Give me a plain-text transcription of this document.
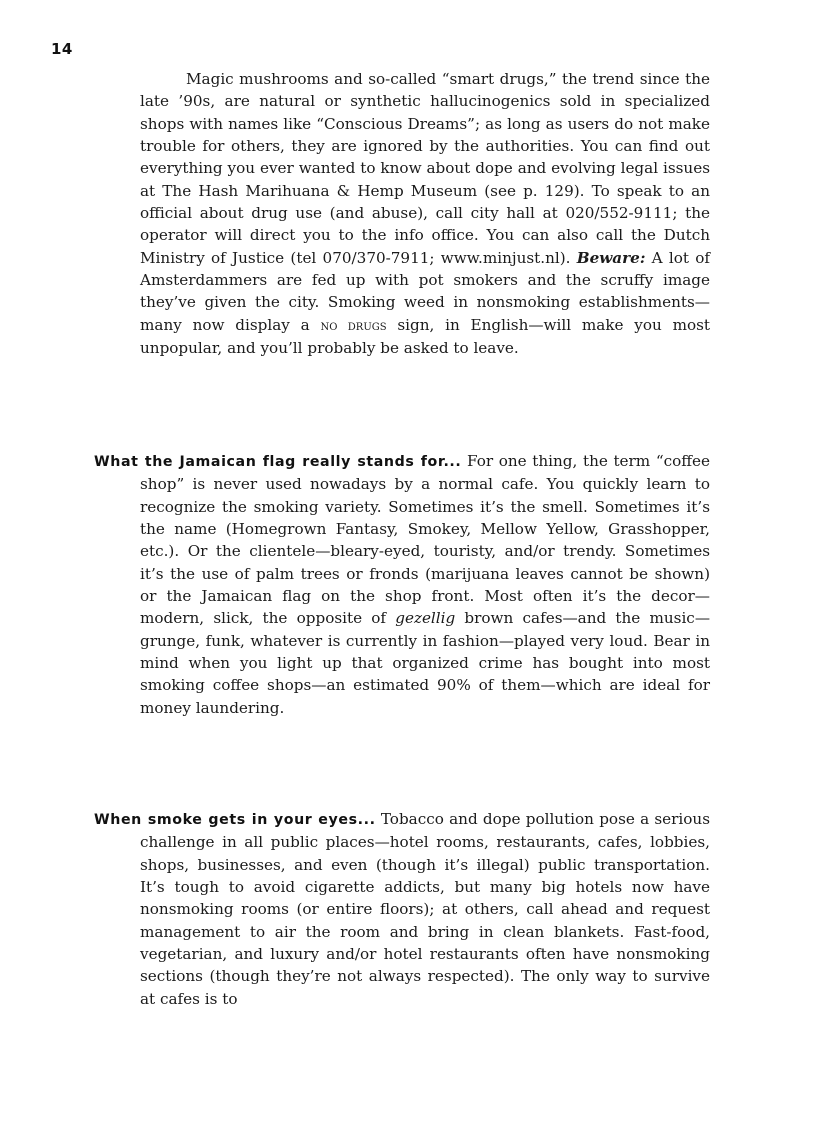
14

Magic mushrooms and so-called “smart drugs,” the trend since the late ’90s, are natural or synthetic hallucinogenics sold in specialized shops with names like “Conscious Dreams”; as long as users do not make trouble for others, they are ignored by the authorities. You can find out everything you ever wanted to know about dope and evolving legal issues at The Hash Marihuana & Hemp Museum (see p. 129). To speak to an official about drug use (and abuse), call city hall at 020/552-9111; the operator will direct you to the info office. You can also call the Dutch Ministry of Justice (tel 070/370-7911; www.minjust.nl). Beware: A lot of Amsterdammers are fed up with pot smokers and the scruffy image they’ve given the city. Smoking weed in nonsmoking establishments—many now display a no drugs sign, in English—will make you most unpopular, and you’ll probably be asked to leave.

What the Jamaican flag really stands for... For one thing, the term “coffee shop” is never used nowadays by a normal cafe. You quickly learn to recognize the smoking variety. Sometimes it’s the smell. Sometimes it’s the name (Homegrown Fantasy, Smokey, Mellow Yellow, Grasshopper, etc.). Or the clientele—bleary-eyed, touristy, and/or trendy. Sometimes it’s the use of palm trees or fronds (marijuana leaves cannot be shown) or the Jamaican flag on the shop front. Most often it’s the decor—modern, slick, the opposite of gezellig brown cafes—and the music—grunge, funk, whatever is currently in fashion—played very loud. Bear in mind when you light up that organized crime has bought into most smoking coffee shops—an estimated 90% of them—which are ideal for money laundering.

When smoke gets in your eyes... Tobacco and dope pollution pose a serious challenge in all public places—hotel rooms, restaurants, cafes, lobbies, shops, businesses, and even (though it’s illegal) public transportation. It’s tough to avoid cigarette addicts, but many big hotels now have nonsmoking rooms (or entire floors); at others, call ahead and request management to air the room and bring in clean blankets. Fast-food, vegetarian, and luxury and/or hotel restaurants often have nonsmoking sections (though they’re not always respected). The only way to survive at cafes is to
